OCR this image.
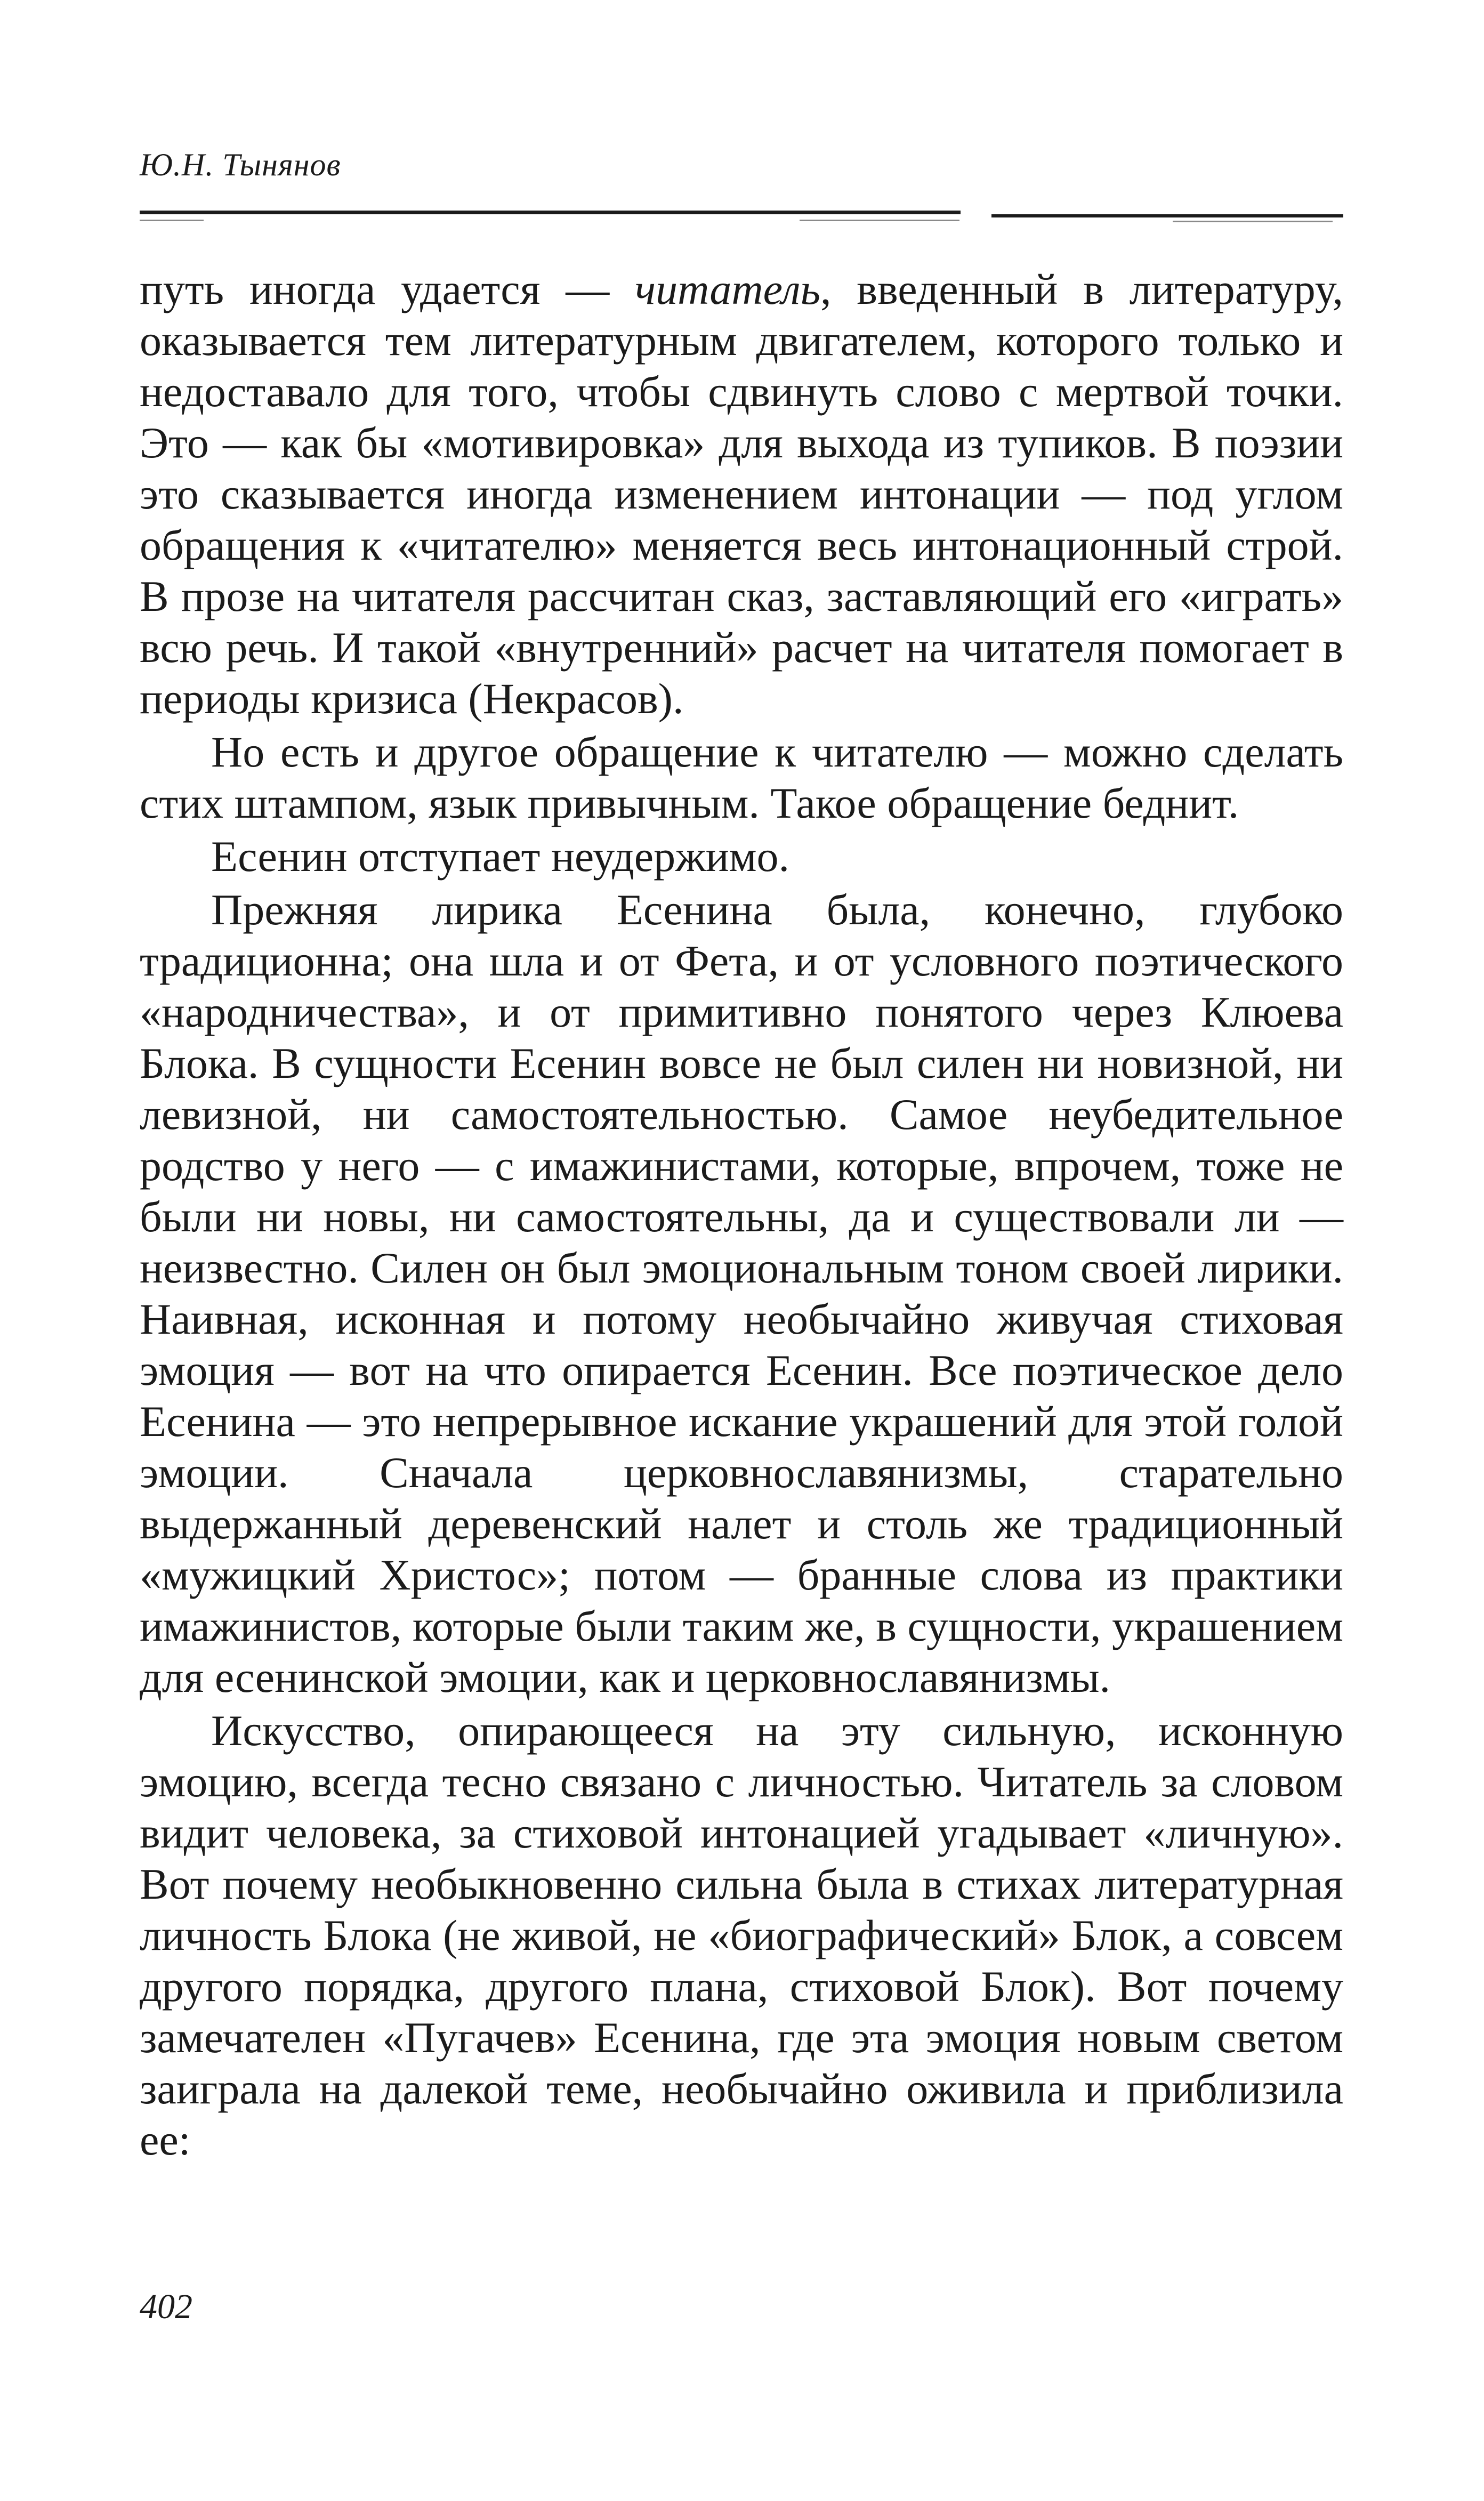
Ю.Н. Тынянов

путь иногда удается — читатель, введенный в литературу, оказывается тем литературным двигателем, которого только и недоставало для того, чтобы сдвинуть слово с мертвой точки. Это — как бы «мотивировка» для выхода из тупиков. В поэзии это сказывается иногда изменением интонации — под углом обращения к «читателю» меняется весь интонационный строй. В прозе на читателя рассчитан сказ, заставляющий его «играть» всю речь. И такой «внутренний» расчет на читателя помогает в периоды кризиса (Некрасов).

Но есть и другое обращение к читателю — можно сделать стих штампом, язык привычным. Такое обращение беднит.

Есенин отступает неудержимо.

Прежняя лирика Есенина была, конечно, глубоко традиционна; она шла и от Фета, и от условного поэтического «народничества», и от примитивно понятого через Клюева Блока. В сущности Есенин вовсе не был силен ни новизной, ни левизной, ни самостоятельностью. Самое неубедительное родство у него — с имажинистами, которые, впрочем, тоже не были ни новы, ни самостоятельны, да и существовали ли — неизвестно. Силен он был эмоциональным тоном своей лирики. Наивная, исконная и потому необычайно живучая стиховая эмоция — вот на что опирается Есенин. Все поэтическое дело Есенина — это непрерывное искание украшений для этой голой эмоции. Сначала церковнославянизмы, старательно выдержанный деревенский налет и столь же традиционный «мужицкий Христос»; потом — бранные слова из практики имажинистов, которые были таким же, в сущности, украшением для есенинской эмоции, как и церковнославянизмы.

Искусство, опирающееся на эту сильную, исконную эмоцию, всегда тесно связано с личностью. Читатель за словом видит человека, за стиховой интонацией угадывает «личную». Вот почему необыкновенно сильна была в стихах литературная личность Блока (не живой, не «биографический» Блок, а совсем другого порядка, другого плана, стиховой Блок). Вот почему замечателен «Пугачев» Есенина, где эта эмоция новым светом заиграла на далекой теме, необычайно оживила и приблизила ее:

402
